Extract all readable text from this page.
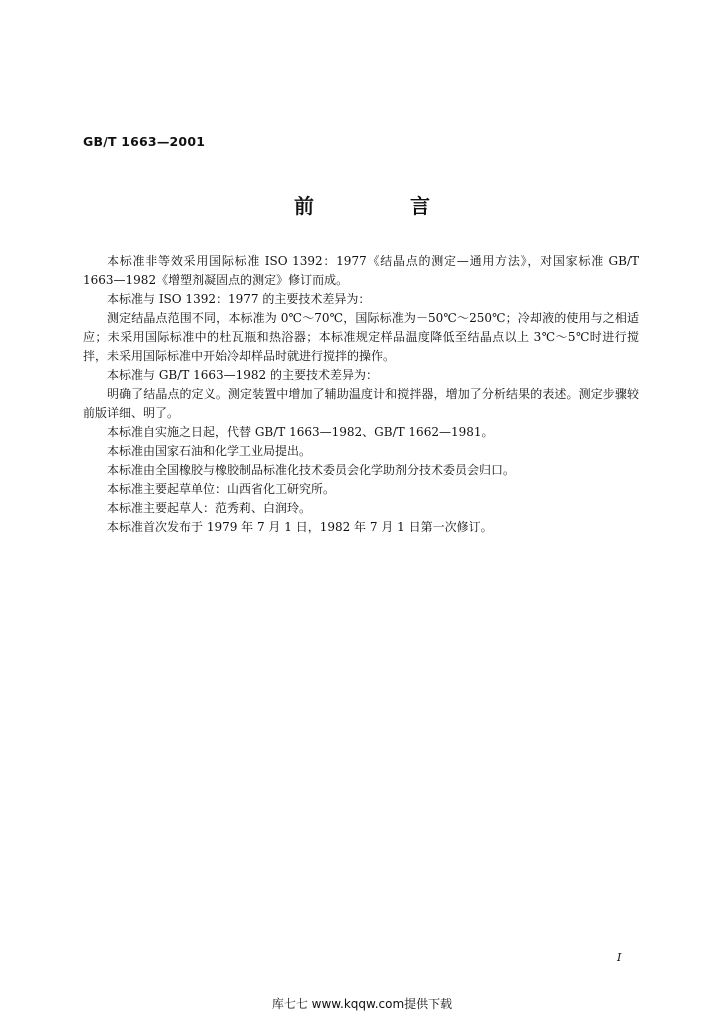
GB/T 1663—2001
前　言

本标准非等效采用国际标准 ISO 1392：1977《结晶点的测定—通用方法》，对国家标准 GB/T 1663—1982《增塑剂凝固点的测定》修订而成。

本标准与 ISO 1392：1977 的主要技术差异为：

测定结晶点范围不同，本标准为 0℃～70℃，国际标准为－50℃～250℃；冷却液的使用与之相适应；未采用国际标准中的杜瓦瓶和热浴器；本标准规定样品温度降低至结晶点以上 3℃～5℃时进行搅拌，未采用国际标准中开始冷却样品时就进行搅拌的操作。

本标准与 GB/T 1663—1982 的主要技术差异为：

明确了结晶点的定义。测定装置中增加了辅助温度计和搅拌器，增加了分析结果的表述。测定步骤较前版详细、明了。

本标准自实施之日起，代替 GB/T 1663—1982、GB/T 1662—1981。

本标准由国家石油和化学工业局提出。

本标准由全国橡胶与橡胶制品标准化技术委员会化学助剂分技术委员会归口。

本标准主要起草单位：山西省化工研究所。

本标准主要起草人：范秀莉、白润玲。

本标准首次发布于 1979 年 7 月 1 日，1982 年 7 月 1 日第一次修订。

I
库七七 www.kqqw.com提供下载
